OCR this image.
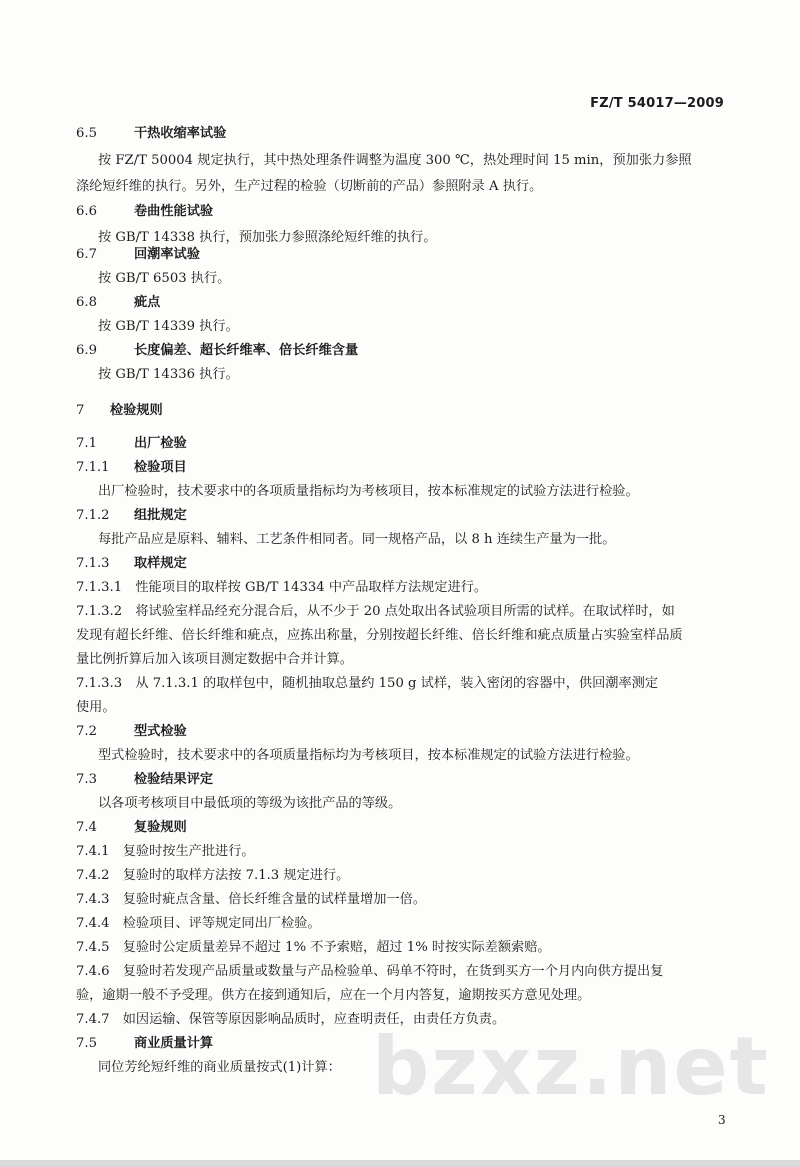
FZ/T 54017—2009
6.5	干热收缩率试验
按 FZ/T 50004 规定执行，其中热处理条件调整为温度 300 ℃，热处理时间 15 min，预加张力参照
涤纶短纤维的执行。另外，生产过程的检验（切断前的产品）参照附录 A 执行。
6.6	卷曲性能试验
按 GB/T 14338 执行，预加张力参照涤纶短纤维的执行。
6.7	回潮率试验
按 GB/T 6503 执行。
6.8	疵点
按 GB/T 14339 执行。
6.9	长度偏差、超长纤维率、倍长纤维含量
按 GB/T 14336 执行。
7 检验规则
7.1	出厂检验
7.1.1 检验项目
出厂检验时，技术要求中的各项质量指标均为考核项目，按本标准规定的试验方法进行检验。
7.1.2 组批规定
每批产品应是原料、辅料、工艺条件相同者。同一规格产品，以 8 h 连续生产量为一批。
7.1.3 取样规定
7.1.3.1　性能项目的取样按 GB/T 14334 中产品取样方法规定进行。
7.1.3.2　将试验室样品经充分混合后，从不少于 20 点处取出各试验项目所需的试样。在取试样时，如
发现有超长纤维、倍长纤维和疵点，应拣出称量，分别按超长纤维、倍长纤维和疵点质量占实验室样品质
量比例折算后加入该项目测定数据中合并计算。
7.1.3.3　从 7.1.3.1 的取样包中，随机抽取总量约 150 g 试样，装入密闭的容器中，供回潮率测定
使用。
7.2	型式检验
型式检验时，技术要求中的各项质量指标均为考核项目，按本标准规定的试验方法进行检验。
7.3	检验结果评定
以各项考核项目中最低项的等级为该批产品的等级。
7.4	复验规则
7.4.1　复验时按生产批进行。
7.4.2　复验时的取样方法按 7.1.3 规定进行。
7.4.3　复验时疵点含量、倍长纤维含量的试样量增加一倍。
7.4.4　检验项目、评等规定同出厂检验。
7.4.5　复验时公定质量差异不超过 1% 不予索赔，超过 1% 时按实际差额索赔。
7.4.6　复验时若发现产品质量或数量与产品检验单、码单不符时，在货到买方一个月内向供方提出复
验，逾期一般不予受理。供方在接到通知后，应在一个月内答复，逾期按买方意见处理。
7.4.7　如因运输、保管等原因影响品质时，应查明责任，由责任方负责。
7.5	商业质量计算
同位芳纶短纤维的商业质量按式(1)计算： bzxz.net
3
